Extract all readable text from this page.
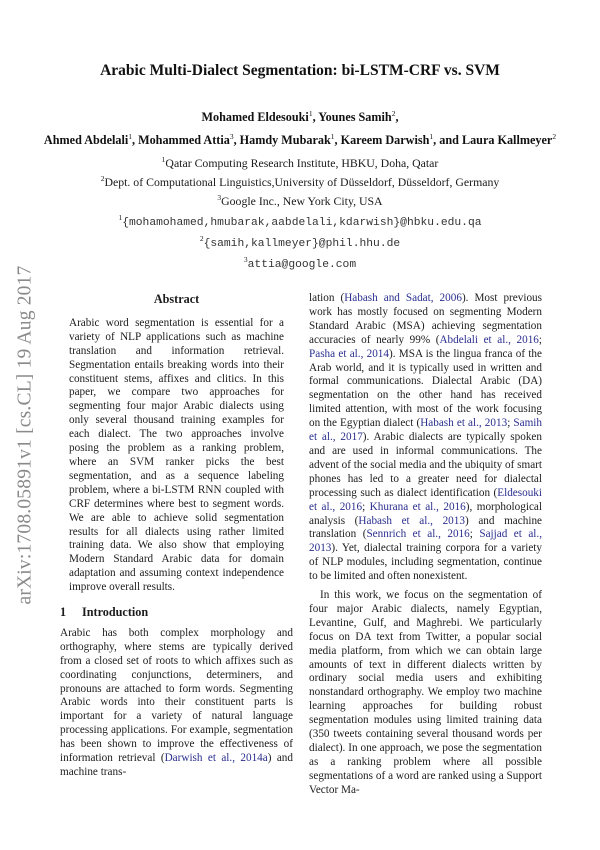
arXiv:1708.05891v1 [cs.CL] 19 Aug 2017
Arabic Multi-Dialect Segmentation: bi-LSTM-CRF vs. SVM
Mohamed Eldesouki$^1$, Younes Samih$^2$,
Ahmed Abdelali$^1$, Mohammed Attia$^3$, Hamdy Mubarak$^1$, Kareem Darwish$^1$, and Laura Kallmeyer$^2$
$^1$Qatar Computing Research Institute, HBKU, Doha, Qatar
$^2$Dept. of Computational Linguistics,University of Düsseldorf, Düsseldorf, Germany
$^3$Google Inc., New York City, USA
$^1${mohamohamed,hmubarak,aabdelali,kdarwish}@hbku.edu.qa
$^2${samih,kallmeyer}@phil.hhu.de
$^3$attia@google.com
Abstract
Arabic word segmentation is essential for a variety of NLP applications such as machine translation and information retrieval. Segmentation entails breaking words into their constituent stems, affixes and clitics. In this paper, we compare two approaches for segmenting four major Arabic dialects using only several thousand training examples for each dialect. The two approaches involve posing the problem as a ranking problem, where an SVM ranker picks the best segmentation, and as a sequence labeling problem, where a bi-LSTM RNN coupled with CRF determines where best to segment words. We are able to achieve solid segmentation results for all dialects using rather limited training data. We also show that employing Modern Standard Arabic data for domain adaptation and assuming context independence improve overall results.
1 Introduction

Arabic has both complex morphology and orthography, where stems are typically derived from a closed set of roots to which affixes such as coordinating conjunctions, determiners, and pronouns are attached to form words. Segmenting Arabic words into their constituent parts is important for a variety of natural language processing applications. For example, segmentation has been shown to improve the effectiveness of information retrieval (Darwish et al., 2014a) and machine trans-

lation (Habash and Sadat, 2006). Most previous work has mostly focused on segmenting Modern Standard Arabic (MSA) achieving segmentation accuracies of nearly 99% (Abdelali et al., 2016; Pasha et al., 2014). MSA is the lingua franca of the Arab world, and it is typically used in written and formal communications. Dialectal Arabic (DA) segmentation on the other hand has received limited attention, with most of the work focusing on the Egyptian dialect (Habash et al., 2013; Samih et al., 2017). Arabic dialects are typically spoken and are used in informal communications. The advent of the social media and the ubiquity of smart phones has led to a greater need for dialectal processing such as dialect identification (Eldesouki et al., 2016; Khurana et al., 2016), morphological analysis (Habash et al., 2013) and machine translation (Sennrich et al., 2016; Sajjad et al., 2013). Yet, dialectal training corpora for a variety of NLP modules, including segmentation, continue to be limited and often nonexistent.

In this work, we focus on the segmentation of four major Arabic dialects, namely Egyptian, Levantine, Gulf, and Maghrebi. We particularly focus on DA text from Twitter, a popular social media platform, from which we can obtain large amounts of text in different dialects written by ordinary social media users and exhibiting nonstandard orthography. We employ two machine learning approaches for building robust segmentation modules using limited training data (350 tweets containing several thousand words per dialect). In one approach, we pose the segmentation as a ranking problem where all possible segmentations of a word are ranked using a Support Vector Ma-
